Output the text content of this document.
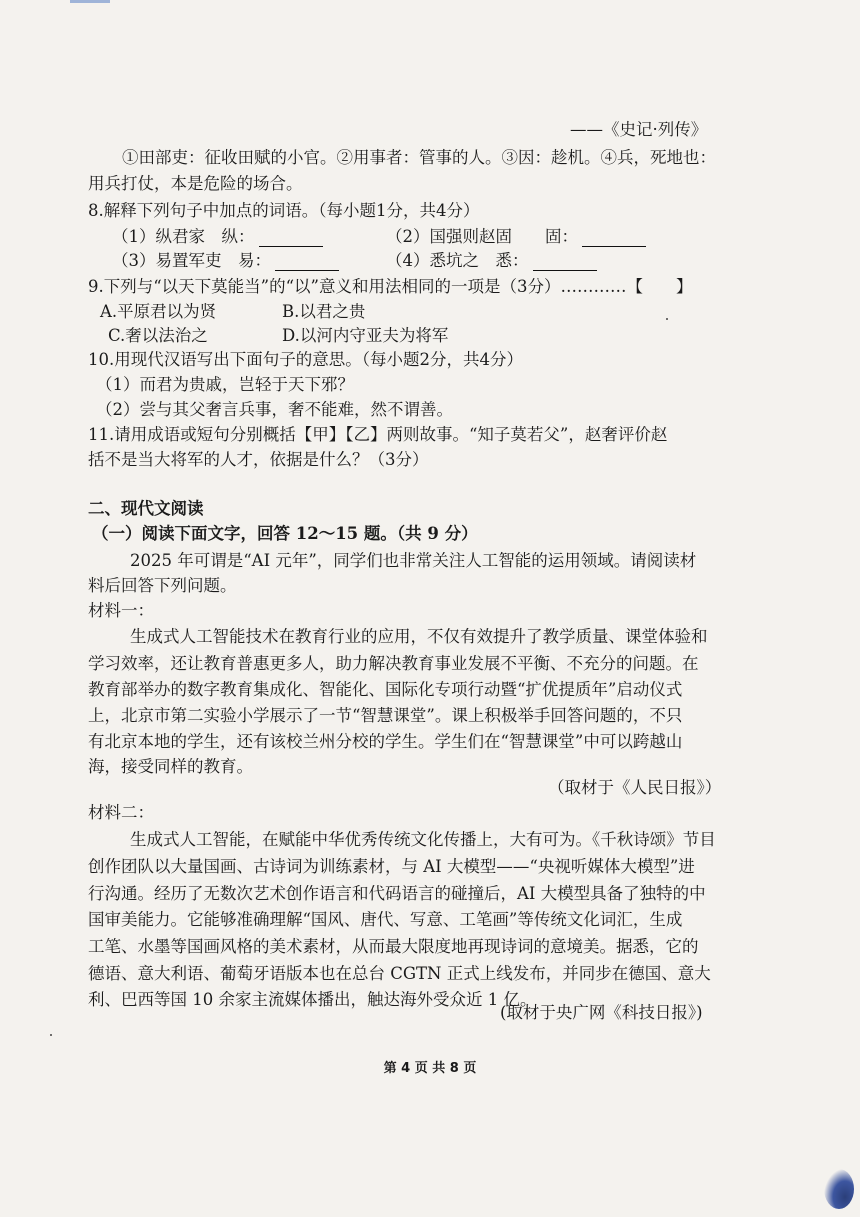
——《史记·列传》
①田部吏：征收田赋的小官。②用事者：管事的人。③因：趁机。④兵，死地也：
用兵打仗，本是危险的场合。
8.解释下列句子中加点的词语。（每小题1分，共4分）
（1）纵君家　纵：	（2）国强则赵固　　固：
（3）易置军吏　易：	（4）悉坑之　悉：
9.下列与“以天下莫能当”的“以”意义和用法相同的一项是（3分）…………【　　】
A.平原君以为贤	B.以君之贵
C.奢以法治之	D.以河内守亚夫为将军
10.用现代汉语写出下面句子的意思。（每小题2分，共4分）
（1）而君为贵戚，岂轻于天下邪？
（2）尝与其父奢言兵事，奢不能难，然不谓善。
11.请用成语或短句分别概括【甲】【乙】两则故事。“知子莫若父”，赵奢评价赵
括不是当大将军的人才，依据是什么？（3分）
二、现代文阅读
（一）阅读下面文字，回答 12～15 题。（共 9 分）
2025 年可谓是“AI 元年”，同学们也非常关注人工智能的运用领域。请阅读材
料后回答下列问题。
材料一：
生成式人工智能技术在教育行业的应用，不仅有效提升了教学质量、课堂体验和
学习效率，还让教育普惠更多人，助力解决教育事业发展不平衡、不充分的问题。在
教育部举办的数字教育集成化、智能化、国际化专项行动暨“扩优提质年”启动仪式
上，北京市第二实验小学展示了一节“智慧课堂”。课上积极举手回答问题的，不只
有北京本地的学生，还有该校兰州分校的学生。学生们在“智慧课堂”中可以跨越山
海，接受同样的教育。
（取材于《人民日报》）
材料二：
生成式人工智能，在赋能中华优秀传统文化传播上，大有可为。《千秋诗颂》节目
创作团队以大量国画、古诗词为训练素材，与 AI 大模型——“央视听媒体大模型”进
行沟通。经历了无数次艺术创作语言和代码语言的碰撞后，AI 大模型具备了独特的中
国审美能力。它能够准确理解“国风、唐代、写意、工笔画”等传统文化词汇，生成
工笔、水墨等国画风格的美术素材，从而最大限度地再现诗词的意境美。据悉，它的
德语、意大利语、葡萄牙语版本也在总台 CGTN 正式上线发布，并同步在德国、意大
利、巴西等国 10 余家主流媒体播出，触达海外受众近 1 亿。
(取材于央广网《科技日报》)
第 4 页 共 8 页
